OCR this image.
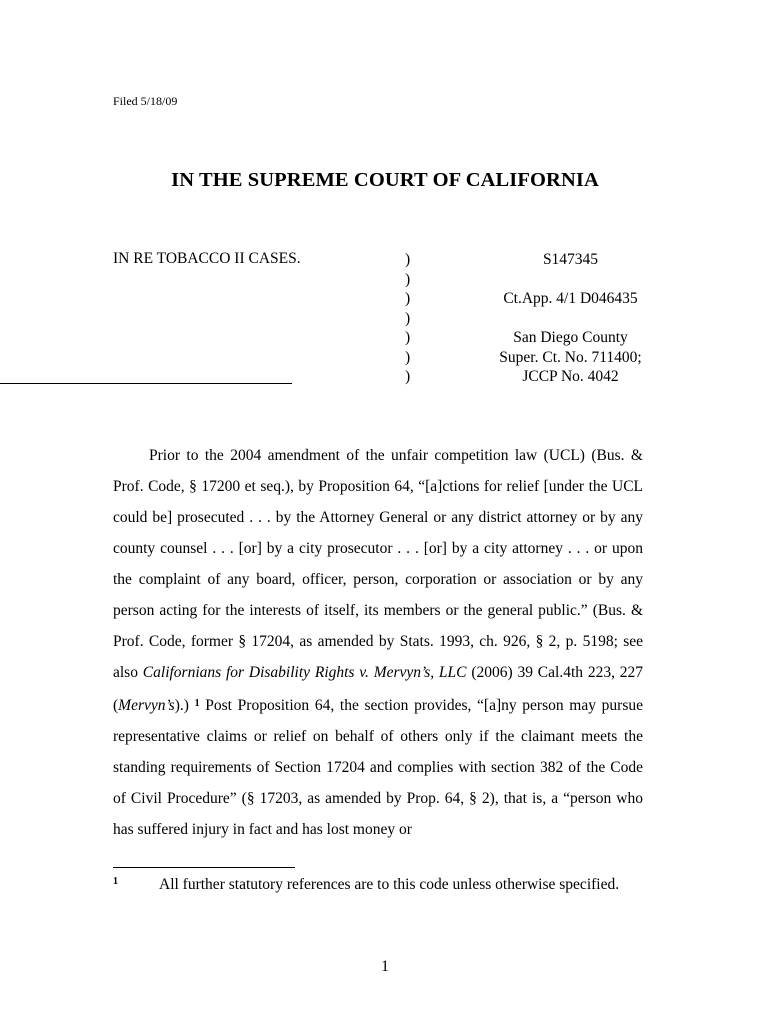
Filed 5/18/09
IN THE SUPREME COURT OF CALIFORNIA
IN RE TOBACCO II CASES.	)
)
)
)
)
)
)
S147345

Ct.App. 4/1 D046435

San Diego County
Super. Ct. No. 711400;
JCCP No. 4042

Prior to the 2004 amendment of the unfair competition law (UCL) (Bus. & Prof. Code, § 17200 et seq.), by Proposition 64, “[a]ctions for relief [under the UCL could be] prosecuted . . . by the Attorney General or any district attorney or by any county counsel . . . [or] by a city prosecutor . . . [or] by a city attorney . . . or upon the complaint of any board, officer, person, corporation or association or by any person acting for the interests of itself, its members or the general public.” (Bus. & Prof. Code, former § 17204, as amended by Stats. 1993, ch. 926, § 2, p. 5198; see also Californians for Disability Rights v. Mervyn’s, LLC (2006) 39 Cal.4th 223, 227 (Mervyn’s).) $^1$ Post Proposition 64, the section provides, “[a]ny person may pursue representative claims or relief on behalf of others only if the claimant meets the standing requirements of Section 17204 and complies with section 382 of the Code of Civil Procedure” (§ 17203, as amended by Prop. 64, § 2), that is, a “person who has suffered injury in fact and has lost money or

1	All further statutory references are to this code unless otherwise specified.
1
